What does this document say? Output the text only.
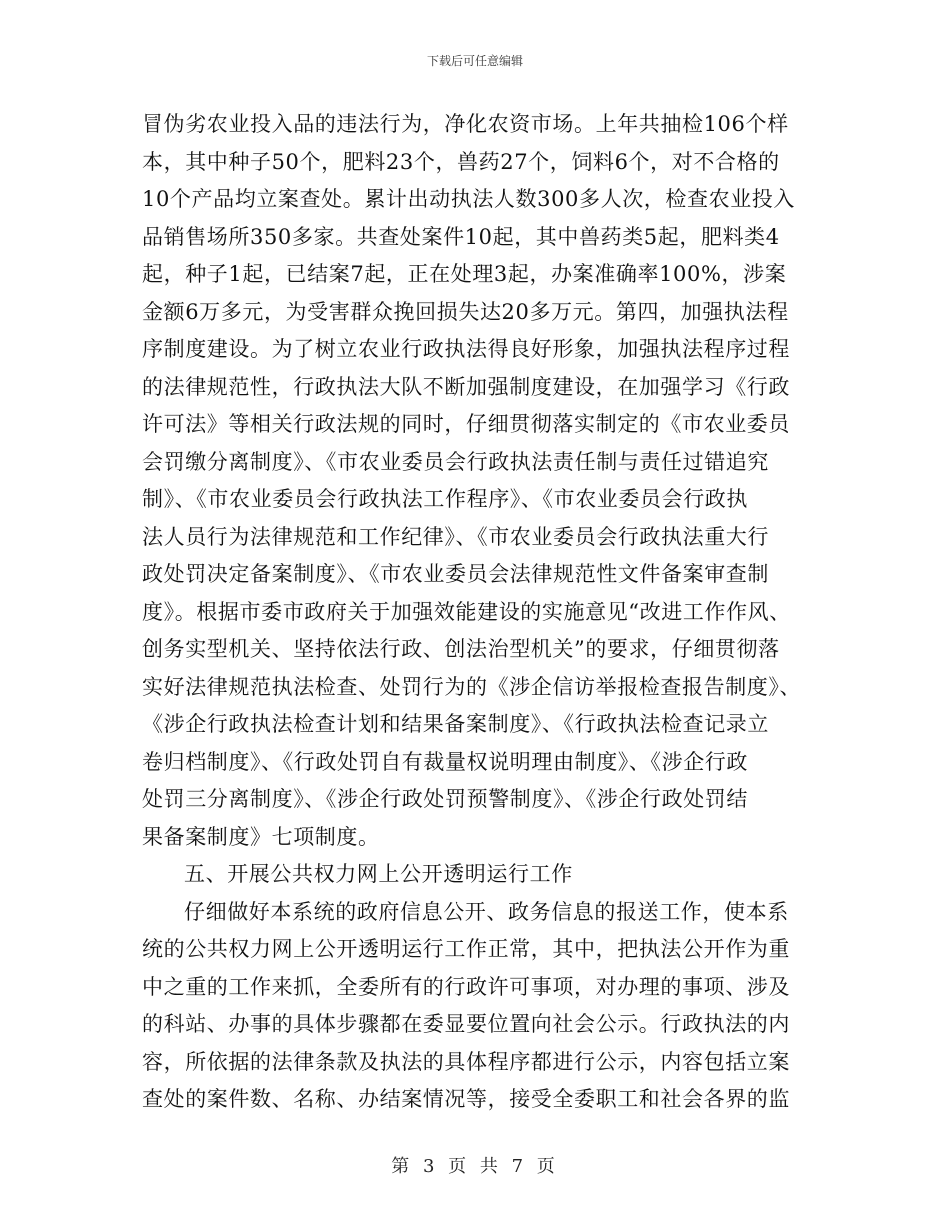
下载后可任意编辑
冒伪劣农业投入品的违法行为，净化农资市场。上年共抽检106个样
本，其中种子50个，肥料23个，兽药27个，饲料6个，对不合格的
10个产品均立案查处。累计出动执法人数300多人次，检查农业投入
品销售场所350多家。共查处案件10起，其中兽药类5起，肥料类4
起，种子1起，已结案7起，正在处理3起，办案准确率100%，涉案
金额6万多元，为受害群众挽回损失达20多万元。第四，加强执法程
序制度建设。为了树立农业行政执法得良好形象，加强执法程序过程
的法律规范性，行政执法大队不断加强制度建设，在加强学习《行政
许可法》等相关行政法规的同时，仔细贯彻落实制定的《市农业委员
会罚缴分离制度》、《市农业委员会行政执法责任制与责任过错追究
制》、《市农业委员会行政执法工作程序》、《市农业委员会行政执
法人员行为法律规范和工作纪律》、《市农业委员会行政执法重大行
政处罚决定备案制度》、《市农业委员会法律规范性文件备案审查制
度》。根据市委市政府关于加强效能建设的实施意见“改进工作作风、
创务实型机关、坚持依法行政、创法治型机关”的要求，仔细贯彻落
实好法律规范执法检查、处罚行为的《涉企信访举报检查报告制度》、
《涉企行政执法检查计划和结果备案制度》、《行政执法检查记录立
卷归档制度》、《行政处罚自有裁量权说明理由制度》、《涉企行政
处罚三分离制度》、《涉企行政处罚预警制度》、《涉企行政处罚结
果备案制度》七项制度。
五、开展公共权力网上公开透明运行工作
仔细做好本系统的政府信息公开、政务信息的报送工作，使本系
统的公共权力网上公开透明运行工作正常，其中，把执法公开作为重
中之重的工作来抓，全委所有的行政许可事项，对办理的事项、涉及
的科站、办事的具体步骤都在委显要位置向社会公示。行政执法的内
容，所依据的法律条款及执法的具体程序都进行公示，内容包括立案
查处的案件数、名称、办结案情况等，接受全委职工和社会各界的监
第 3 页 共 7 页
